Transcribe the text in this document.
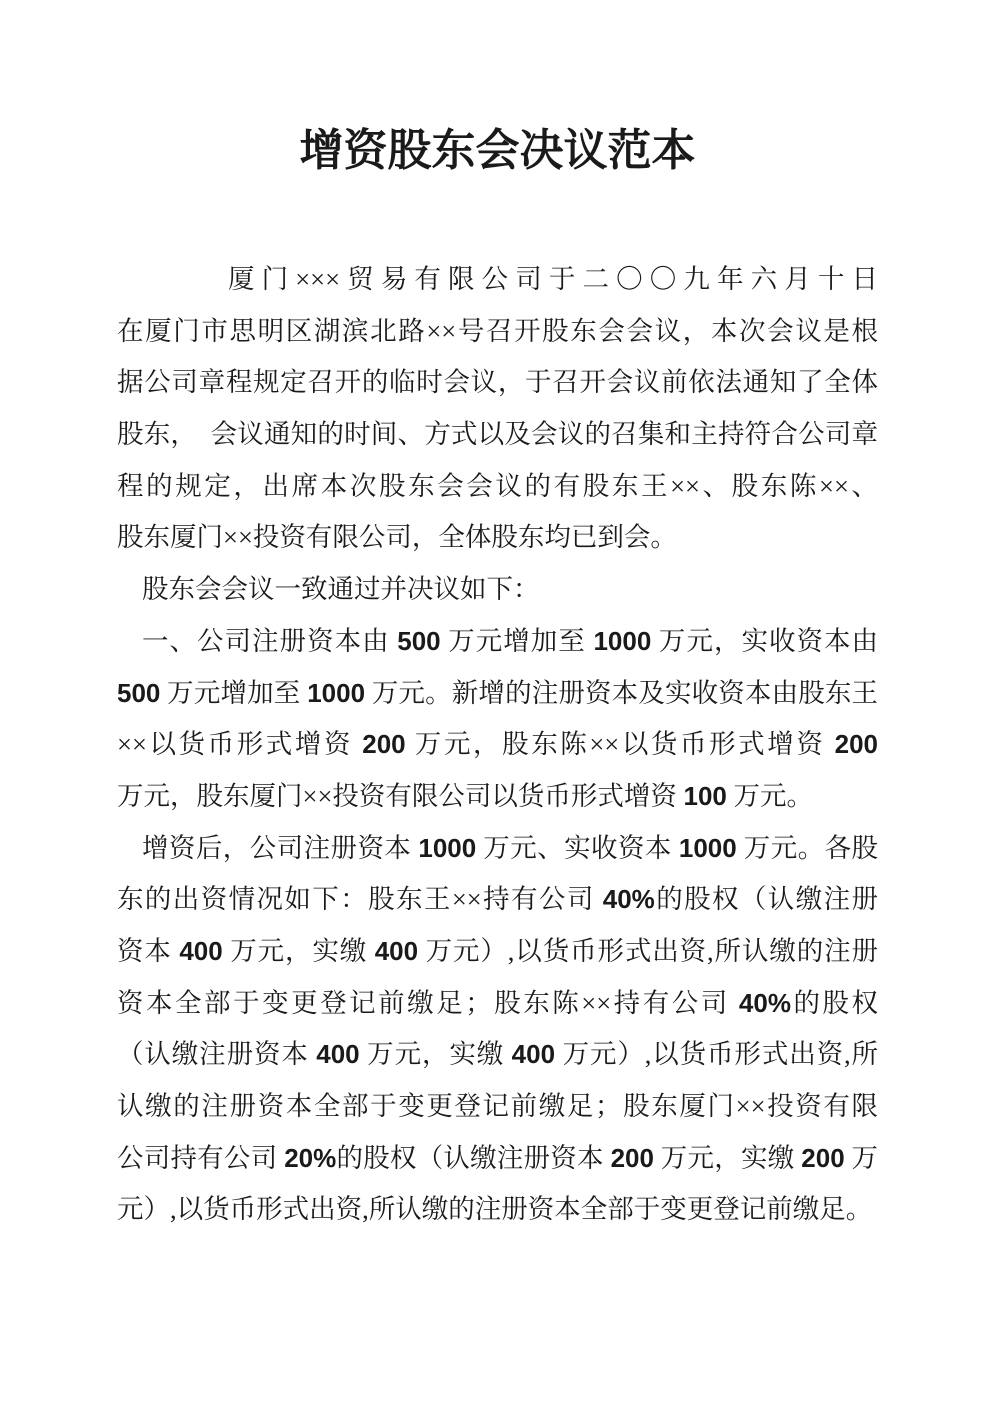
增资股东会决议范本
厦门×××贸易有限公司于二〇〇九年六月十日
在厦门市思明区湖滨北路××号召开股东会会议，本次会议是根
据公司章程规定召开的临时会议，于召开会议前依法通知了全体
股东，　会议通知的时间、方式以及会议的召集和主持符合公司章
程的规定，出席本次股东会会议的有股东王××、股东陈××、
股东厦门××投资有限公司，全体股东均已到会。
股东会会议一致通过并决议如下：
一、公司注册资本由 500 万元增加至 1000 万元，实收资本由
500 万元增加至 1000 万元。新增的注册资本及实收资本由股东王
××以货币形式增资 200 万元，股东陈××以货币形式增资 200
万元，股东厦门××投资有限公司以货币形式增资 100 万元。
增资后，公司注册资本 1000 万元、实收资本 1000 万元。各股
东的出资情况如下：股东王××持有公司 40%的股权（认缴注册
资本 400 万元，实缴 400 万元）,以货币形式出资,所认缴的注册
资本全部于变更登记前缴足；股东陈××持有公司 40%的股权
（认缴注册资本 400 万元，实缴 400 万元）,以货币形式出资,所
认缴的注册资本全部于变更登记前缴足；股东厦门××投资有限
公司持有公司 20%的股权（认缴注册资本 200 万元，实缴 200 万
元）,以货币形式出资,所认缴的注册资本全部于变更登记前缴足。
